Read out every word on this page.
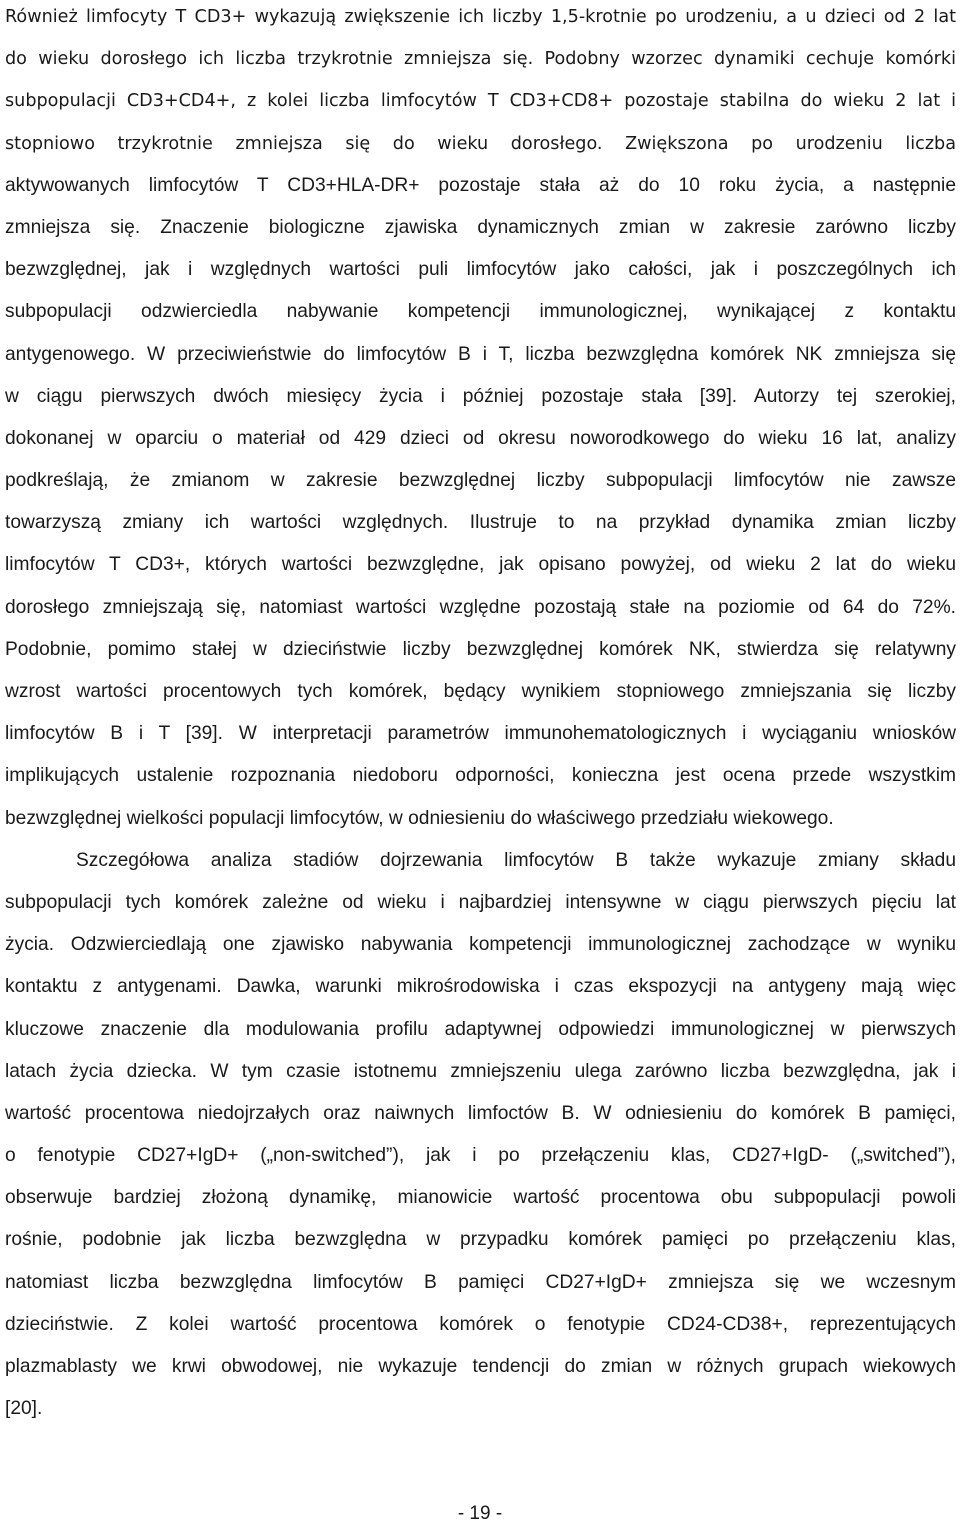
Również limfocyty T CD3+ wykazują zwiększenie ich liczby 1,5-krotnie po urodzeniu, a u dzieci od 2 lat
do wieku dorosłego ich liczba trzykrotnie zmniejsza się. Podobny wzorzec dynamiki cechuje komórki
subpopulacji CD3+CD4+, z kolei liczba limfocytów T CD3+CD8+ pozostaje stabilna do wieku 2 lat i
stopniowo trzykrotnie zmniejsza się do wieku dorosłego. Zwiększona po urodzeniu liczba
aktywowanych limfocytów T CD3+HLA-DR+ pozostaje stała aż do 10 roku życia, a następnie
zmniejsza się. Znaczenie biologiczne zjawiska dynamicznych zmian w zakresie zarówno liczby
bezwzględnej, jak i względnych wartości puli limfocytów jako całości, jak i poszczególnych ich
subpopulacji odzwierciedla nabywanie kompetencji immunologicznej, wynikającej z kontaktu
antygenowego. W przeciwieństwie do limfocytów B i T, liczba bezwzględna komórek NK zmniejsza się
w ciągu pierwszych dwóch miesięcy życia i później pozostaje stała [39]. Autorzy tej szerokiej,
dokonanej w oparciu o materiał od 429 dzieci od okresu noworodkowego do wieku 16 lat, analizy
podkreślają, że zmianom w zakresie bezwzględnej liczby subpopulacji limfocytów nie zawsze
towarzyszą zmiany ich wartości względnych. Ilustruje to na przykład dynamika zmian liczby
limfocytów T CD3+, których wartości bezwzględne, jak opisano powyżej, od wieku 2 lat do wieku
dorosłego zmniejszają się, natomiast wartości względne pozostają stałe na poziomie od 64 do 72%.
Podobnie, pomimo stałej w dzieciństwie liczby bezwzględnej komórek NK, stwierdza się relatywny
wzrost wartości procentowych tych komórek, będący wynikiem stopniowego zmniejszania się liczby
limfocytów B i T [39]. W interpretacji parametrów immunohematologicznych i wyciąganiu wniosków
implikujących ustalenie rozpoznania niedoboru odporności, konieczna jest ocena przede wszystkim
bezwzględnej wielkości populacji limfocytów, w odniesieniu do właściwego przedziału wiekowego.
Szczegółowa analiza stadiów dojrzewania limfocytów B także wykazuje zmiany składu
subpopulacji tych komórek zależne od wieku i najbardziej intensywne w ciągu pierwszych pięciu lat
życia. Odzwierciedlają one zjawisko nabywania kompetencji immunologicznej zachodzące w wyniku
kontaktu z antygenami. Dawka, warunki mikrośrodowiska i czas ekspozycji na antygeny mają więc
kluczowe znaczenie dla modulowania profilu adaptywnej odpowiedzi immunologicznej w pierwszych
latach życia dziecka. W tym czasie istotnemu zmniejszeniu ulega zarówno liczba bezwzględna, jak i
wartość procentowa niedojrzałych oraz naiwnych limfoctów B. W odniesieniu do komórek B pamięci,
o fenotypie CD27+IgD+ („non-switched”), jak i po przełączeniu klas, CD27+IgD- („switched”),
obserwuje bardziej złożoną dynamikę, mianowicie wartość procentowa obu subpopulacji powoli
rośnie, podobnie jak liczba bezwzględna w przypadku komórek pamięci po przełączeniu klas,
natomiast liczba bezwzględna limfocytów B pamięci CD27+IgD+ zmniejsza się we wczesnym
dzieciństwie. Z kolei wartość procentowa komórek o fenotypie CD24-CD38+, reprezentujących
plazmablasty we krwi obwodowej, nie wykazuje tendencji do zmian w różnych grupach wiekowych
[20].
- 19 -
